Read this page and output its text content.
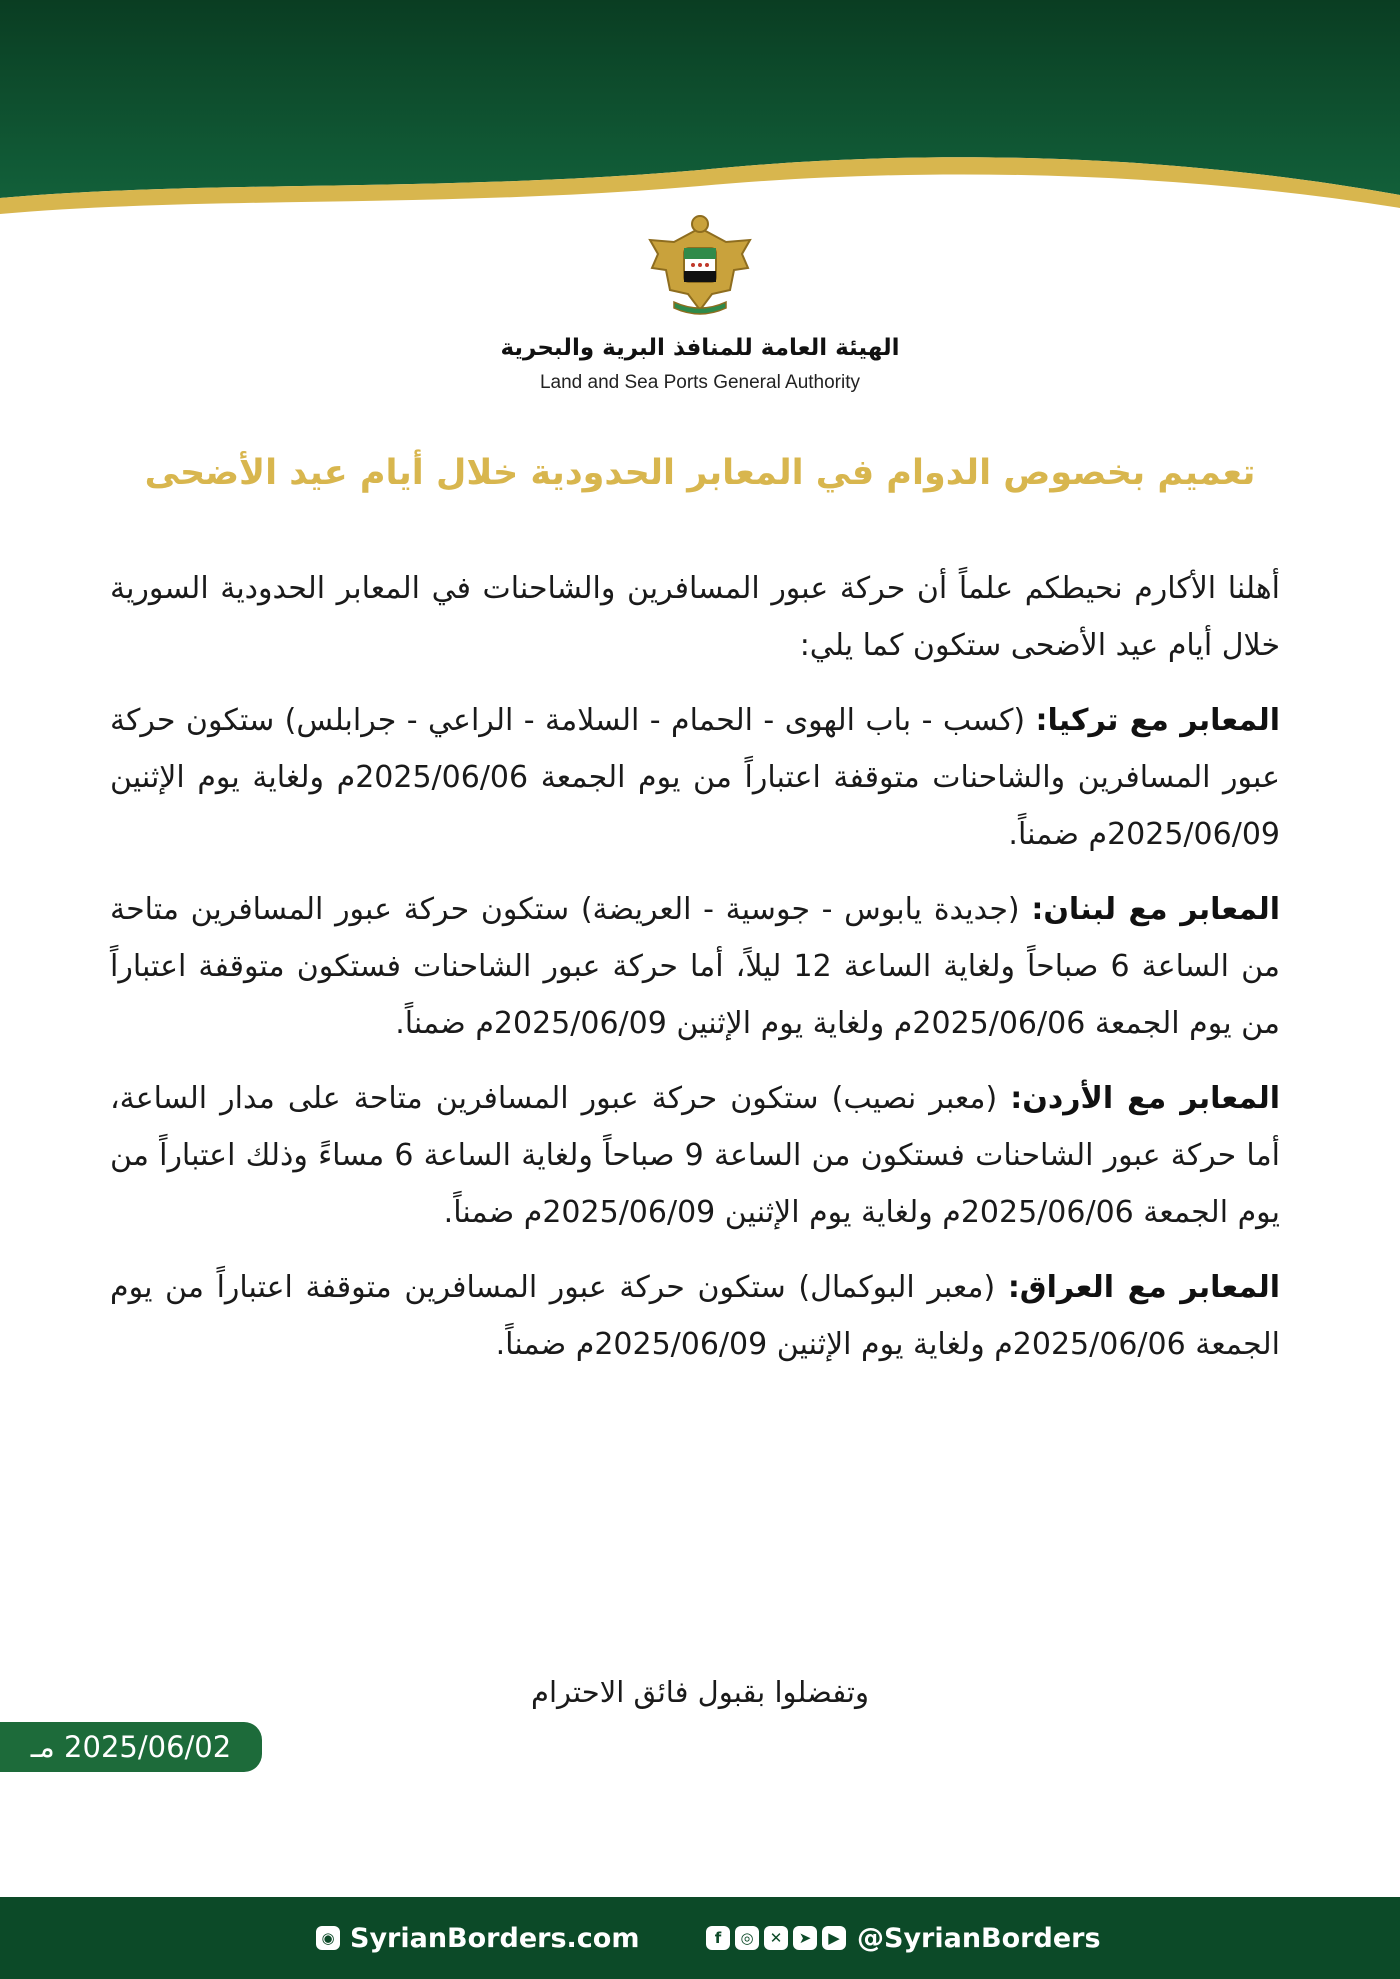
الهيئة العامة للمنافذ البرية والبحرية
Land and Sea Ports General Authority
تعميم بخصوص الدوام في المعابر الحدودية خلال أيام عيد الأضحى

أهلنا الأكارم نحيطكم علماً أن حركة عبور المسافرين والشاحنات في المعابر الحدودية السورية خلال أيام عيد الأضحى ستكون كما يلي:

المعابر مع تركيا: (كسب - باب الهوى - الحمام - السلامة - الراعي - جرابلس) ستكون حركة عبور المسافرين والشاحنات متوقفة اعتباراً من يوم الجمعة 2025/06/06م ولغاية يوم الإثنين 2025/06/09م ضمناً.

المعابر مع لبنان: (جديدة يابوس - جوسية - العريضة) ستكون حركة عبور المسافرين متاحة من الساعة 6 صباحاً ولغاية الساعة 12 ليلاً، أما حركة عبور الشاحنات فستكون متوقفة اعتباراً من يوم الجمعة 2025/06/06م ولغاية يوم الإثنين 2025/06/09م ضمناً.

المعابر مع الأردن: (معبر نصيب) ستكون حركة عبور المسافرين متاحة على مدار الساعة، أما حركة عبور الشاحنات فستكون من الساعة 9 صباحاً ولغاية الساعة 6 مساءً وذلك اعتباراً من يوم الجمعة 2025/06/06م ولغاية يوم الإثنين 2025/06/09م ضمناً.

المعابر مع العراق: (معبر البوكمال) ستكون حركة عبور المسافرين متوقفة اعتباراً من يوم الجمعة 2025/06/06م ولغاية يوم الإثنين 2025/06/09م ضمناً.

وتفضلوا بقبول فائق الاحترام
2025/06/02 مـ
◉ SyrianBorders.com	f	◎	✕	➤	▶ @SyrianBorders
